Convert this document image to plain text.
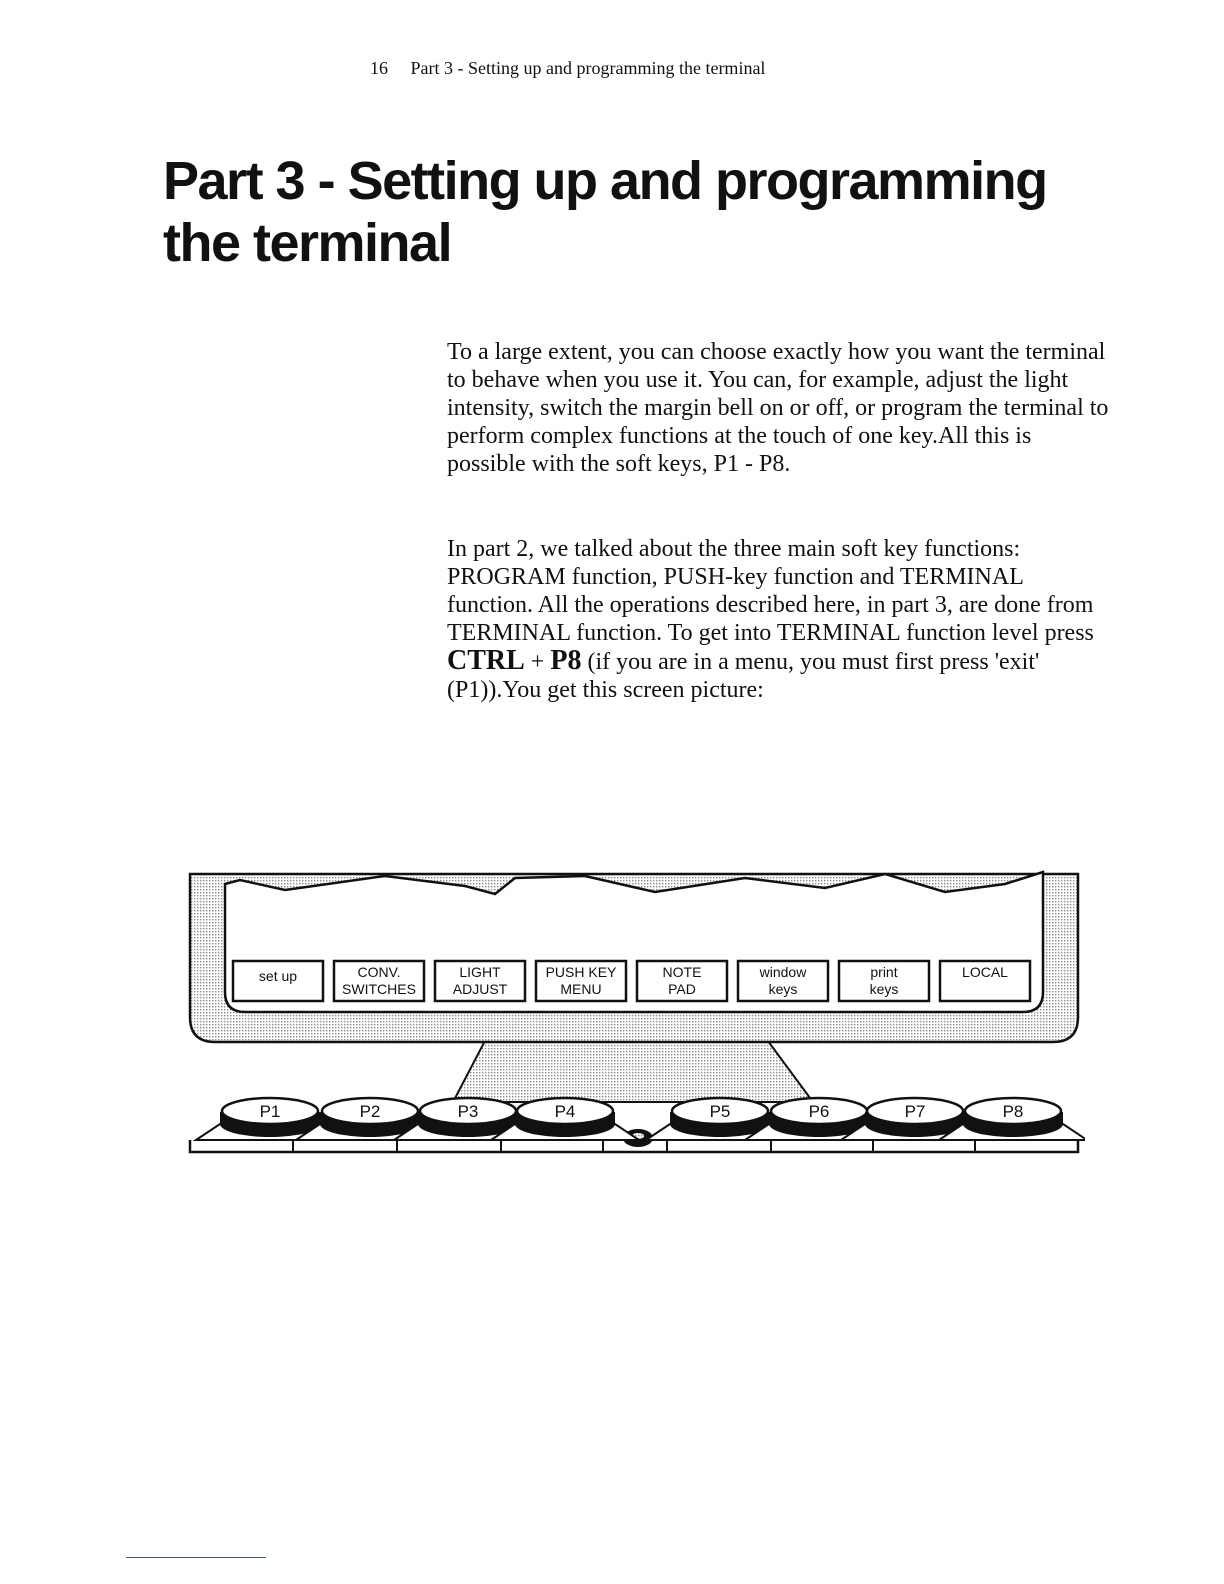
16 Part 3 - Setting up and programming the terminal
Part 3 - Setting up and programming
the terminal

To a large extent, you can choose exactly how you want the terminal to behave when you use it. You can, for example, adjust the light intensity, switch the margin bell on or off, or program the terminal to perform complex functions at the touch of one key.All this is possible with the soft keys, P1 - P8.

In part 2, we talked about the three main soft key functions: PROGRAM function, PUSH-key function and TERMINAL function. All the operations described here, in part 3, are done from TERMINAL function. To get into TERMINAL function level press CTRL + P8 (if you are in a menu, you must first press 'exit' (P1)).You get this screen picture:

set up	CONV.
SWITCHES
LIGHT
ADJUST
PUSH KEY
MENU
NOTE
PAD
window
keys
print
keys
LOCAL
P1	P2	P3	P4	P5	P6	P7	P8
